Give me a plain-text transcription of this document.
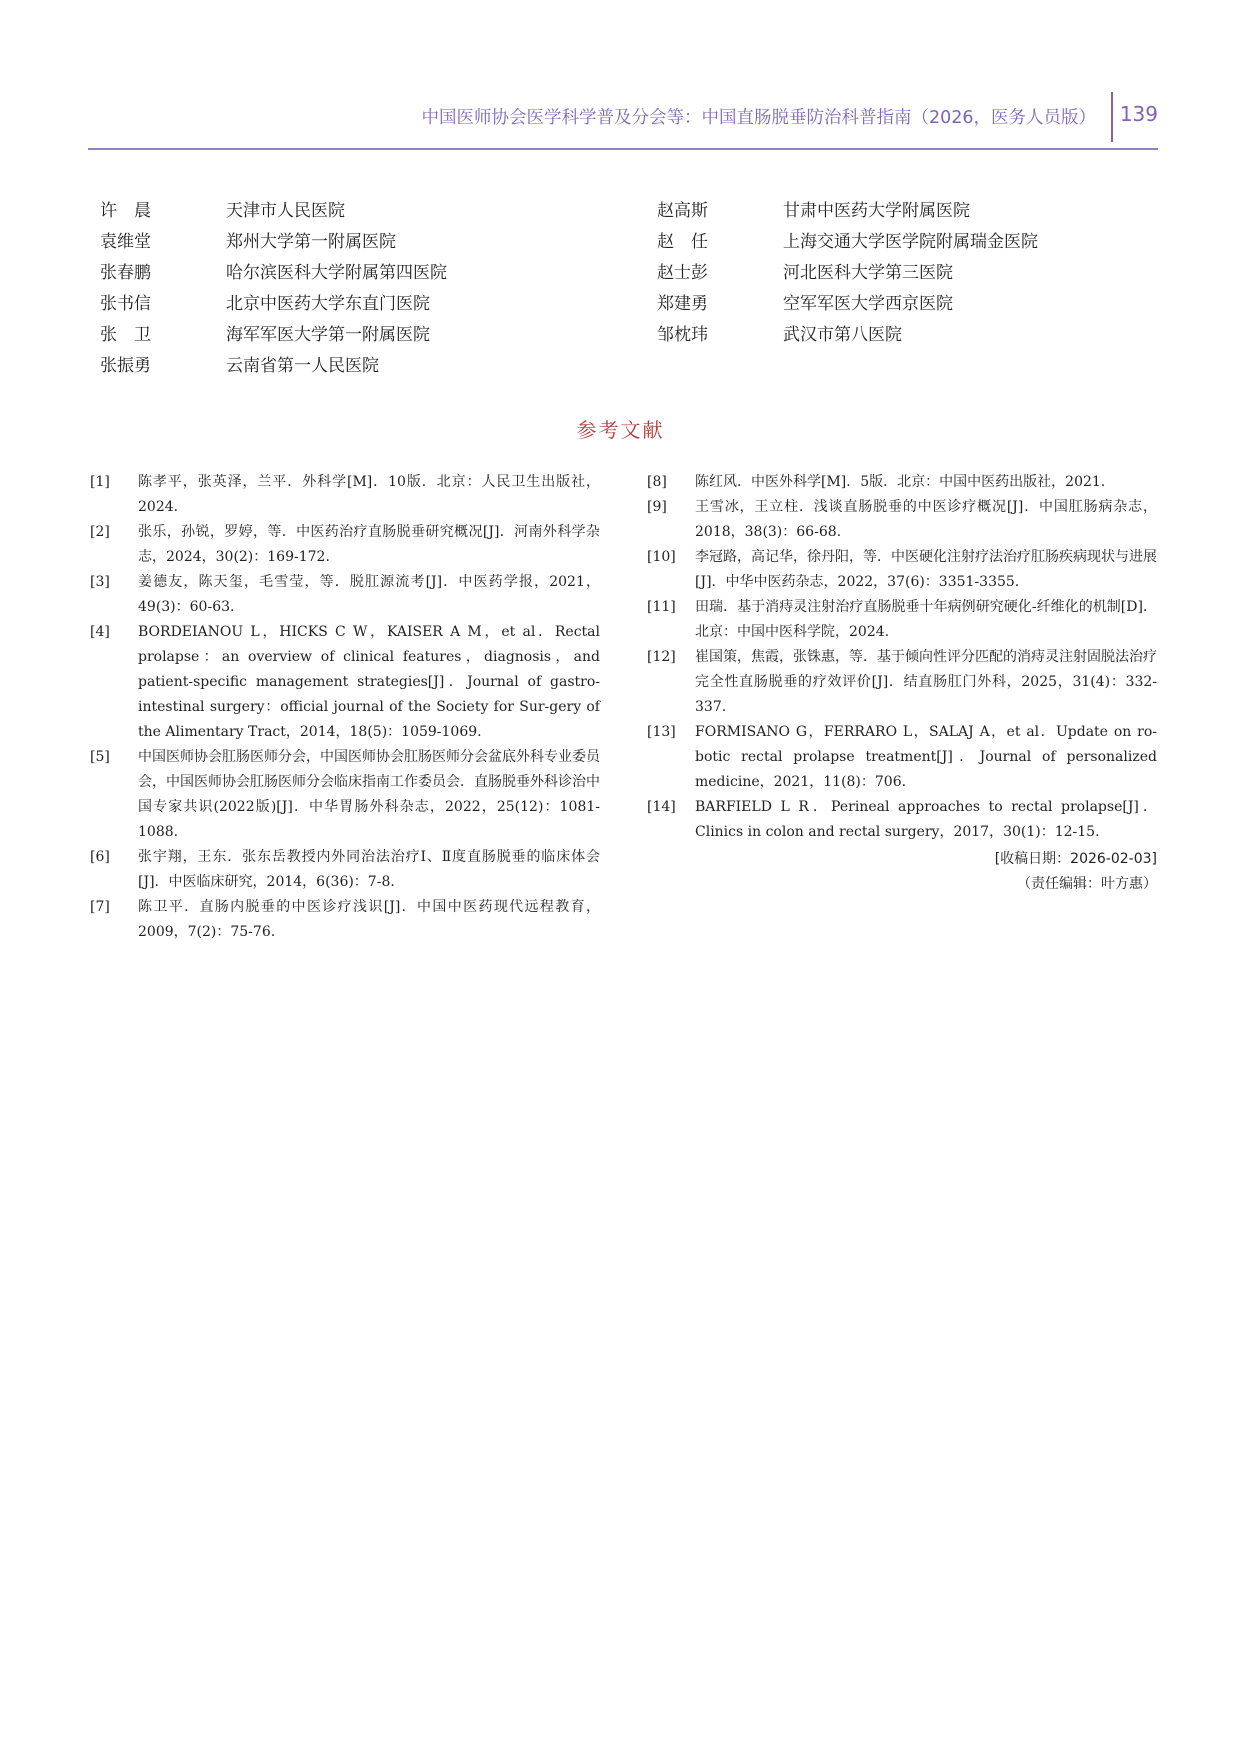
中国医师协会医学科学普及分会等：中国直肠脱垂防治科普指南（2026，医务人员版） 139
许　晨	天津市人民医院
袁维堂	郑州大学第一附属医院
张春鹏	哈尔滨医科大学附属第四医院
张书信	北京中医药大学东直门医院
张　卫	海军军医大学第一附属医院
张振勇	云南省第一人民医院
赵高斯	甘肃中医药大学附属医院
赵　任	上海交通大学医学院附属瑞金医院
赵士彭	河北医科大学第三医院
郑建勇	空军军医大学西京医院
邹枕玮	武汉市第八医院
参考文献
[1] 陈孝平，张英泽，兰平．外科学[M]．10版．北京：人民卫生出版社，2024.
[2] 张乐，孙锐，罗婷，等．中医药治疗直肠脱垂研究概况[J]．河南外科学杂志，2024，30(2)：169-172.
[3] 姜德友，陈天玺，毛雪莹，等．脱肛源流考[J]．中医药学报，2021，49(3)：60-63.
[4] BORDEIANOU L，HICKS C W，KAISER A M，et al．Rectal prolapse：an overview of clinical features，diagnosis，and patient-specific management strategies[J]．Journal of gastro-intestinal surgery：official journal of the Society for Sur-gery of the Alimentary Tract，2014，18(5)：1059-1069.
[5] 中国医师协会肛肠医师分会，中国医师协会肛肠医师分会盆底外科专业委员会，中国医师协会肛肠医师分会临床指南工作委员会．直肠脱垂外科诊治中国专家共识(2022版)[J]．中华胃肠外科杂志，2022，25(12)：1081-1088.
[6] 张宇翔，王东．张东岳教授内外同治法治疗Ⅰ、Ⅱ度直肠脱垂的临床体会[J]．中医临床研究，2014，6(36)：7-8.
[7] 陈卫平．直肠内脱垂的中医诊疗浅识[J]．中国中医药现代远程教育，2009，7(2)：75-76.
[8] 陈红风．中医外科学[M]．5版．北京：中国中医药出版社，2021.
[9] 王雪冰，王立柱．浅谈直肠脱垂的中医诊疗概况[J]．中国肛肠病杂志，2018，38(3)：66-68.
[10] 李冠路，高记华，徐丹阳，等．中医硬化注射疗法治疗肛肠疾病现状与进展[J]．中华中医药杂志，2022，37(6)：3351-3355.
[11] 田瑞．基于消痔灵注射治疗直肠脱垂十年病例研究硬化-纤维化的机制[D]．北京：中国中医科学院，2024.
[12] 崔国策，焦霞，张铢惠，等．基于倾向性评分匹配的消痔灵注射固脱法治疗完全性直肠脱垂的疗效评价[J]．结直肠肛门外科，2025，31(4)：332-337.
[13] FORMISANO G，FERRARO L，SALAJ A，et al．Update on ro-botic rectal prolapse treatment[J]．Journal of personalized medicine，2021，11(8)：706.
[14] BARFIELD L R．Perineal approaches to rectal prolapse[J]．Clinics in colon and rectal surgery，2017，30(1)：12-15.
[收稿日期：2026-02-03]
（责任编辑：叶方惠）
